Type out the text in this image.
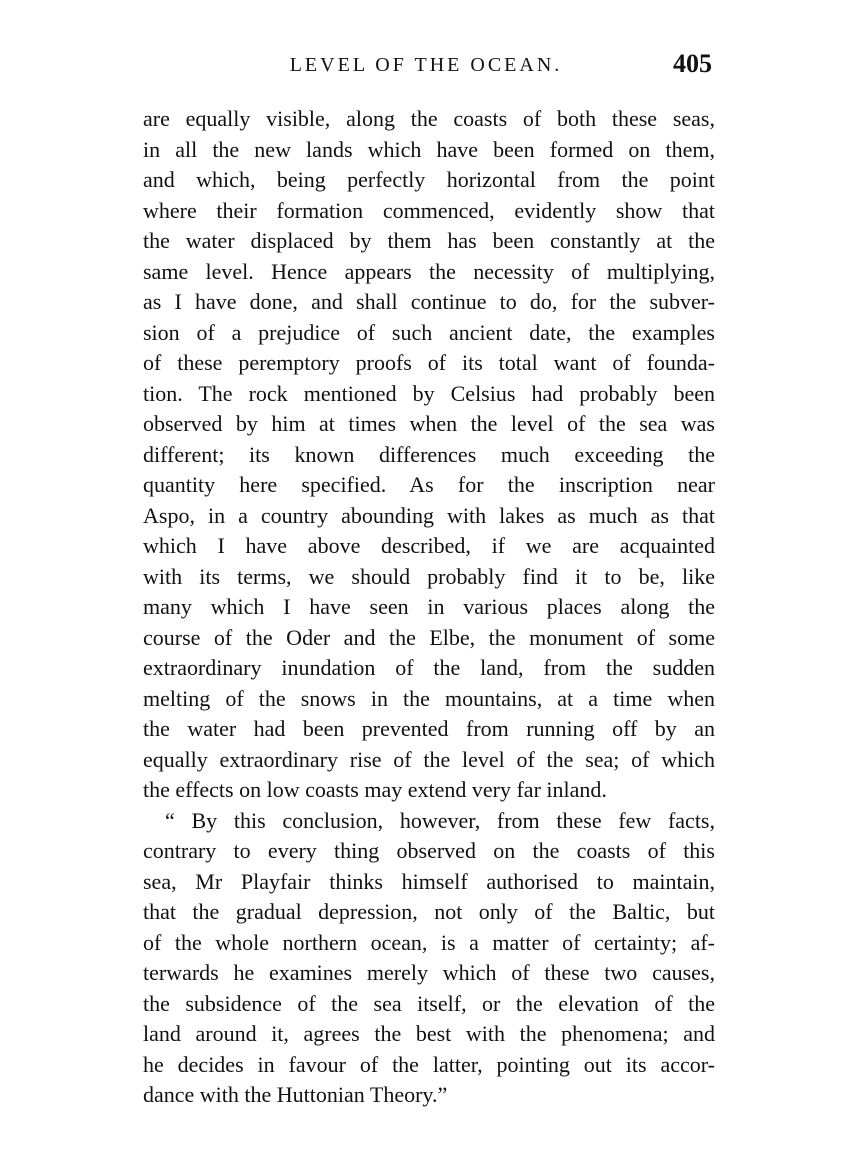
LEVEL OF THE OCEAN.	405
are equally visible, along the coasts of both these seas,
in all the new lands which have been formed on them,
and which, being perfectly horizontal from the point
where their formation commenced, evidently show that
the water displaced by them has been constantly at the
same level. Hence appears the necessity of multiplying,
as I have done, and shall continue to do, for the subver-
sion of a prejudice of such ancient date, the examples
of these peremptory proofs of its total want of founda-
tion. The rock mentioned by Celsius had probably been
observed by him at times when the level of the sea was
different; its known differences much exceeding the
quantity here specified. As for the inscription near
Aspo, in a country abounding with lakes as much as that
which I have above described, if we are acquainted
with its terms, we should probably find it to be, like
many which I have seen in various places along the
course of the Oder and the Elbe, the monument of some
extraordinary inundation of the land, from the sudden
melting of the snows in the mountains, at a time when
the water had been prevented from running off by an
equally extraordinary rise of the level of the sea; of which
the effects on low coasts may extend very far inland.
“ By this conclusion, however, from these few facts,
contrary to every thing observed on the coasts of this
sea, Mr Playfair thinks himself authorised to maintain,
that the gradual depression, not only of the Baltic, but
of the whole northern ocean, is a matter of certainty; af-
terwards he examines merely which of these two causes,
the subsidence of the sea itself, or the elevation of the
land around it, agrees the best with the phenomena; and
he decides in favour of the latter, pointing out its accor-
dance with the Huttonian Theory.”
